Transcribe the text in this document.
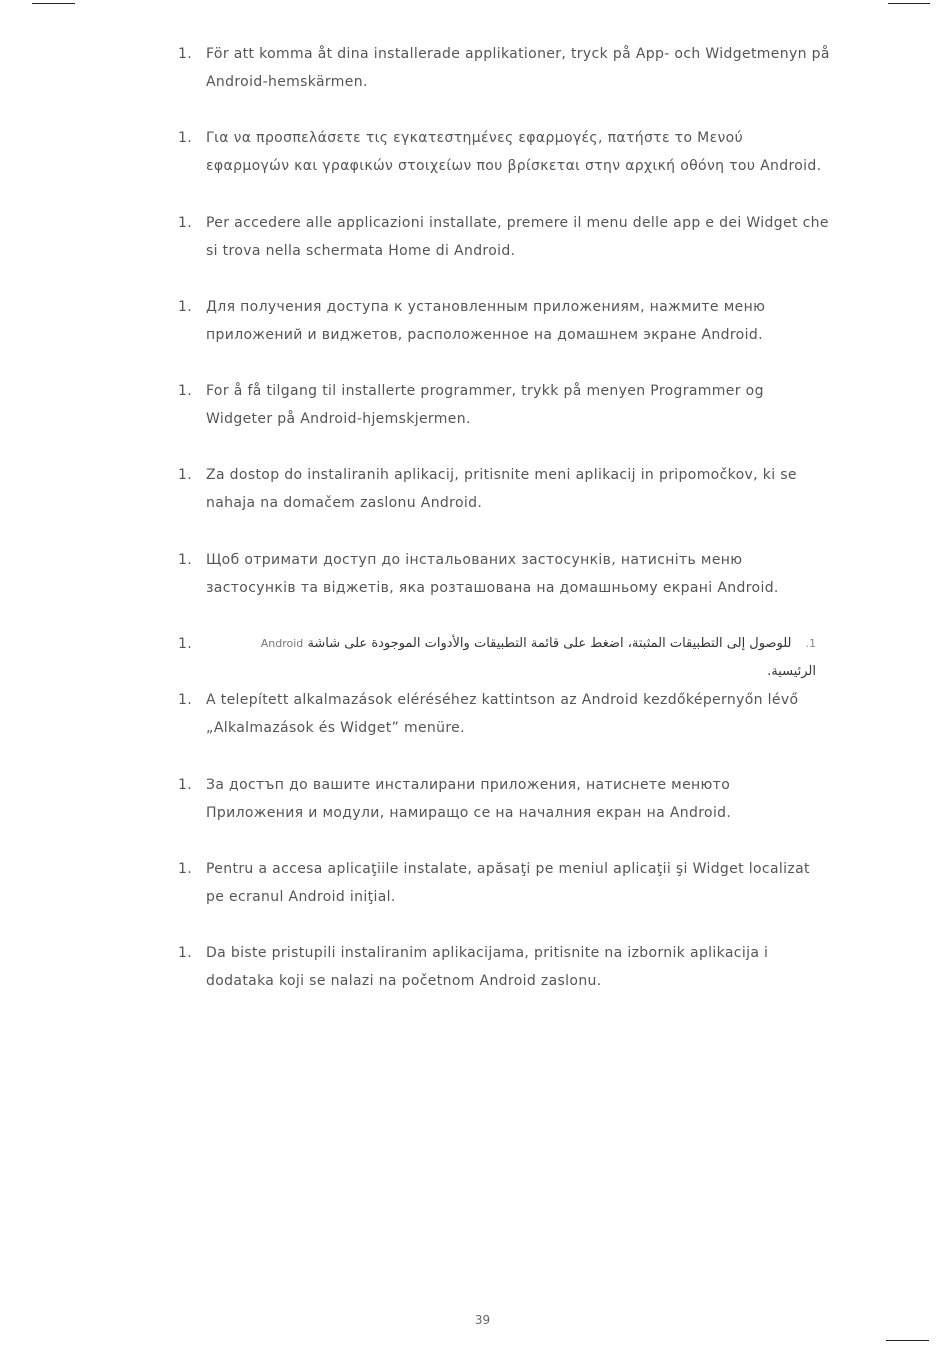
1. För att komma åt dina installerade applikationer, tryck på App- och Widgetmenyn på Android-hemskärmen.
1. Για να προσπελάσετε τις εγκατεστημένες εφαρμογές, πατήστε το Μενού εφαρμογών και γραφικών στοιχείων που βρίσκεται στην αρχική οθόνη του Android.
1. Per accedere alle applicazioni installate, premere il menu delle app e dei Widget che si trova nella schermata Home di Android.
1. Для получения доступа к установленным приложениям, нажмите меню приложений и виджетов, расположенное на домашнем экране Android.
1. For å få tilgang til installerte programmer, trykk på menyen Programmer og Widgeter på Android-hjemskjermen.
1. Za dostop do instaliranih aplikacij, pritisnite meni aplikacij in pripomočkov, ki se nahaja na domačem zaslonu Android.
1. Щоб отримати доступ до інстальованих застосунків, натисніть меню застосунків та віджетів, яка розташована на домашньому екрані Android.
1.	1.للوصول إلى التطبيقات المثبتة، اضغط على قائمة التطبيقات والأدوات الموجودة على شاشة Android الرئيسية.
1. A telepített alkalmazások eléréséhez kattintson az Android kezdőképernyőn lévő „Alkalmazások és Widget” menüre.
1. За достъп до вашите инсталирани приложения, натиснете менюто Приложения и модули, намиращо се на началния екран на Android.
1. Pentru a accesa aplicaţiile instalate, apăsaţi pe meniul aplicaţii şi Widget localizat pe ecranul Android iniţial.
1. Da biste pristupili instaliranim aplikacijama, pritisnite na izbornik aplikacija i dodataka koji se nalazi na početnom Android zaslonu.
39
